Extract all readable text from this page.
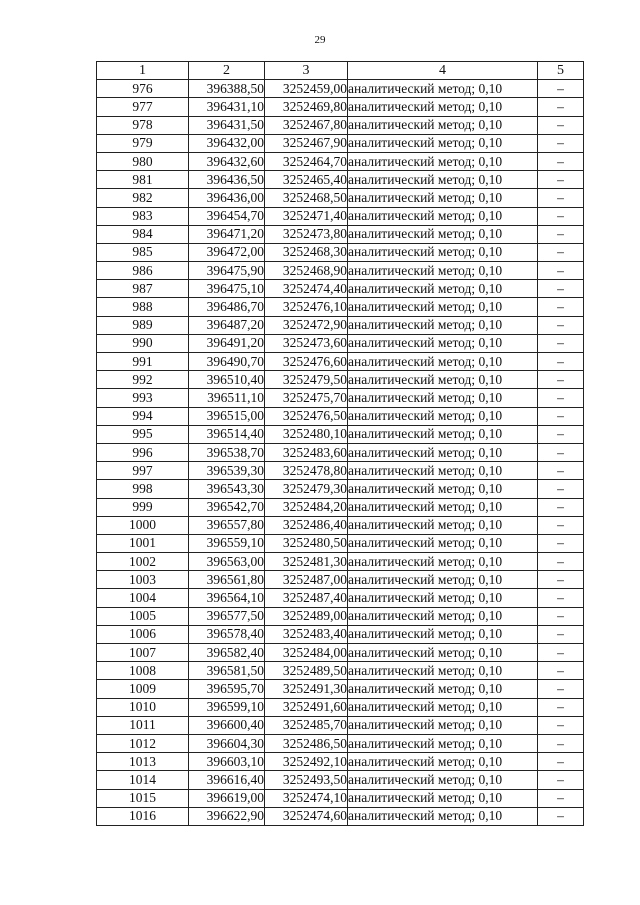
29
1	2	3	4	5
976	396388,50	3252459,00	аналитический метод; 0,10	–
977	396431,10	3252469,80	аналитический метод; 0,10	–
978	396431,50	3252467,80	аналитический метод; 0,10	–
979	396432,00	3252467,90	аналитический метод; 0,10	–
980	396432,60	3252464,70	аналитический метод; 0,10	–
981	396436,50	3252465,40	аналитический метод; 0,10	–
982	396436,00	3252468,50	аналитический метод; 0,10	–
983	396454,70	3252471,40	аналитический метод; 0,10	–
984	396471,20	3252473,80	аналитический метод; 0,10	–
985	396472,00	3252468,30	аналитический метод; 0,10	–
986	396475,90	3252468,90	аналитический метод; 0,10	–
987	396475,10	3252474,40	аналитический метод; 0,10	–
988	396486,70	3252476,10	аналитический метод; 0,10	–
989	396487,20	3252472,90	аналитический метод; 0,10	–
990	396491,20	3252473,60	аналитический метод; 0,10	–
991	396490,70	3252476,60	аналитический метод; 0,10	–
992	396510,40	3252479,50	аналитический метод; 0,10	–
993	396511,10	3252475,70	аналитический метод; 0,10	–
994	396515,00	3252476,50	аналитический метод; 0,10	–
995	396514,40	3252480,10	аналитический метод; 0,10	–
996	396538,70	3252483,60	аналитический метод; 0,10	–
997	396539,30	3252478,80	аналитический метод; 0,10	–
998	396543,30	3252479,30	аналитический метод; 0,10	–
999	396542,70	3252484,20	аналитический метод; 0,10	–
1000	396557,80	3252486,40	аналитический метод; 0,10	–
1001	396559,10	3252480,50	аналитический метод; 0,10	–
1002	396563,00	3252481,30	аналитический метод; 0,10	–
1003	396561,80	3252487,00	аналитический метод; 0,10	–
1004	396564,10	3252487,40	аналитический метод; 0,10	–
1005	396577,50	3252489,00	аналитический метод; 0,10	–
1006	396578,40	3252483,40	аналитический метод; 0,10	–
1007	396582,40	3252484,00	аналитический метод; 0,10	–
1008	396581,50	3252489,50	аналитический метод; 0,10	–
1009	396595,70	3252491,30	аналитический метод; 0,10	–
1010	396599,10	3252491,60	аналитический метод; 0,10	–
1011	396600,40	3252485,70	аналитический метод; 0,10	–
1012	396604,30	3252486,50	аналитический метод; 0,10	–
1013	396603,10	3252492,10	аналитический метод; 0,10	–
1014	396616,40	3252493,50	аналитический метод; 0,10	–
1015	396619,00	3252474,10	аналитический метод; 0,10	–
1016	396622,90	3252474,60	аналитический метод; 0,10	–
